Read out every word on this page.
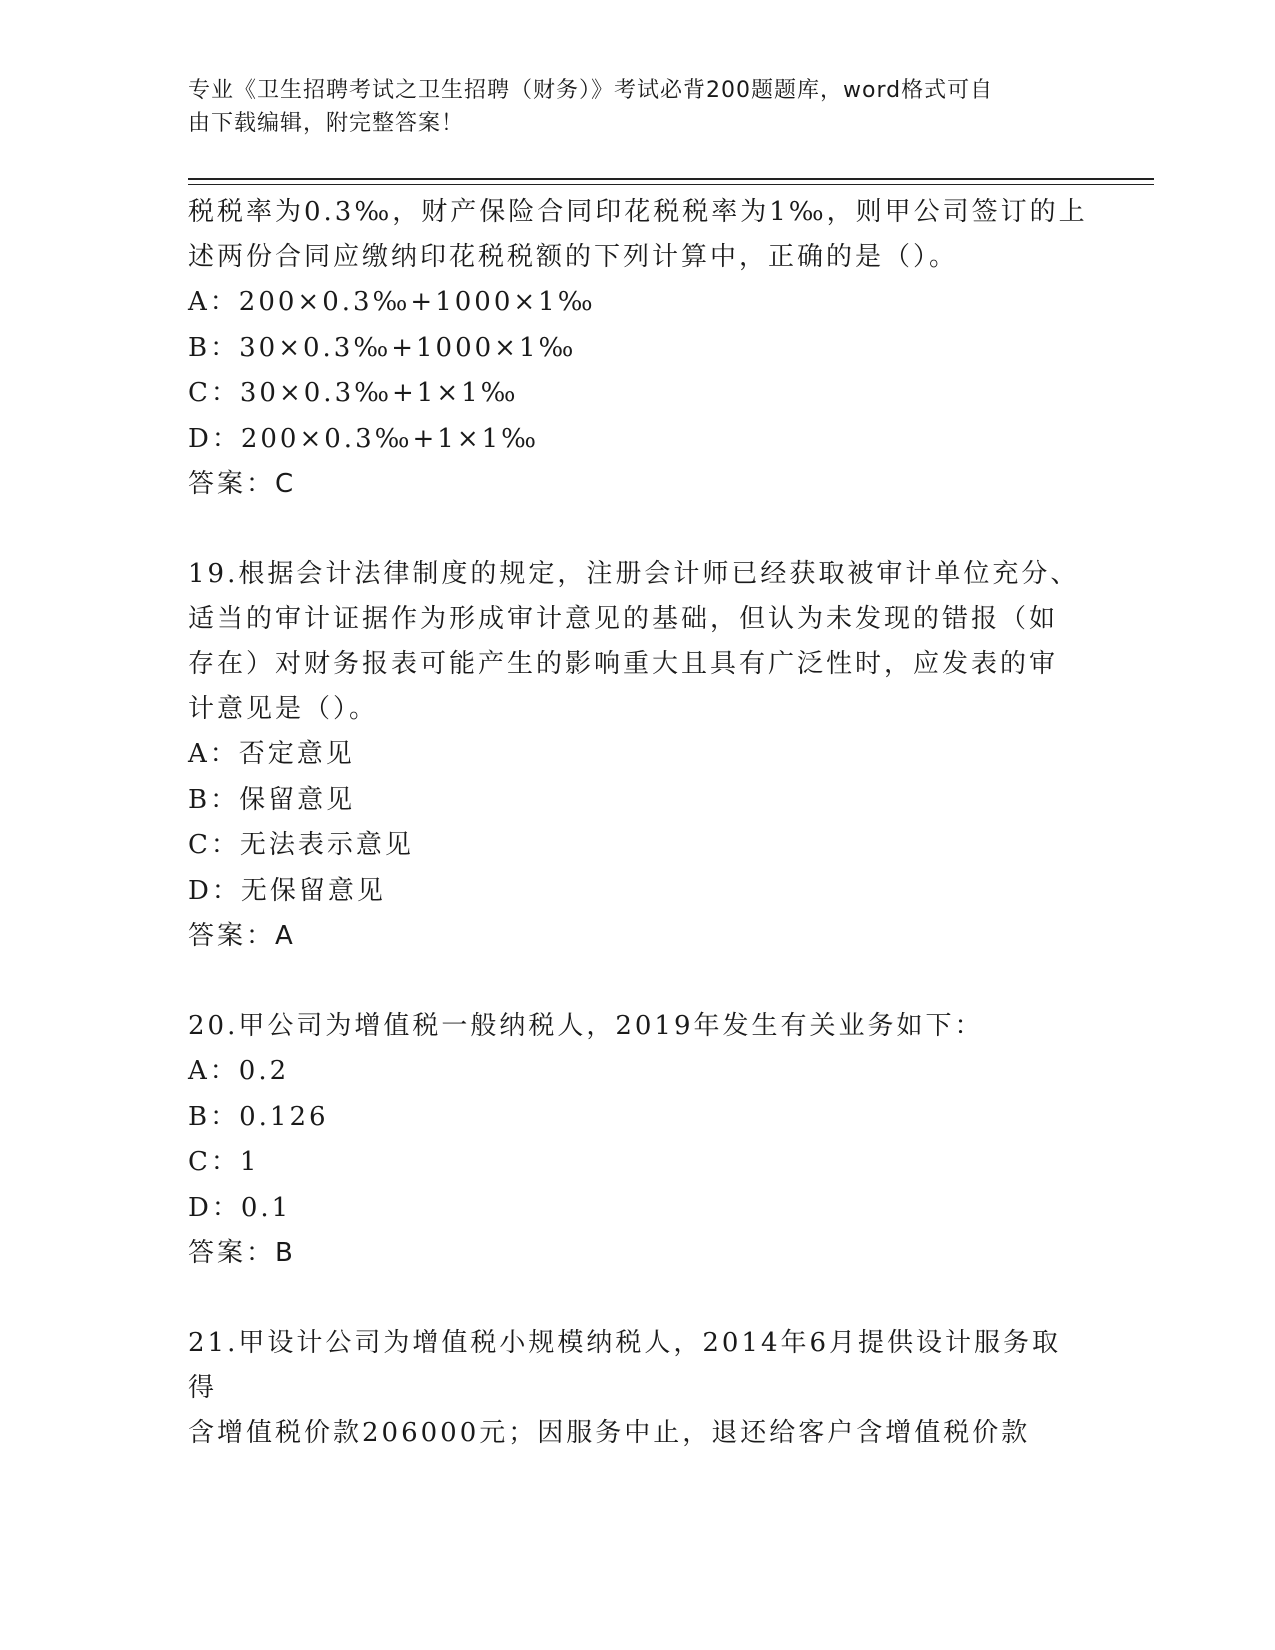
专业《卫生招聘考试之卫生招聘（财务）》考试必背200题题库，word格式可自
由下载编辑，附完整答案！

税税率为0.3‰，财产保险合同印花税税率为1‰，则甲公司签订的上

述两份合同应缴纳印花税税额的下列计算中，正确的是（）。

A：200×0.3‰+1000×1‰

B：30×0.3‰+1000×1‰

C：30×0.3‰+1×1‰

D：200×0.3‰+1×1‰

答案：C

19.根据会计法律制度的规定，注册会计师已经获取被审计单位充分、

适当的审计证据作为形成审计意见的基础，但认为未发现的错报（如

存在）对财务报表可能产生的影响重大且具有广泛性时，应发表的审

计意见是（）。

A：否定意见

B：保留意见

C：无法表示意见

D：无保留意见

答案：A

20.甲公司为增值税一般纳税人，2019年发生有关业务如下：

A：0.2

B：0.126

C：1

D：0.1

答案：B

21.甲设计公司为增值税小规模纳税人，2014年6月提供设计服务取得

含增值税价款206000元；因服务中止，退还给客户含增值税价款
